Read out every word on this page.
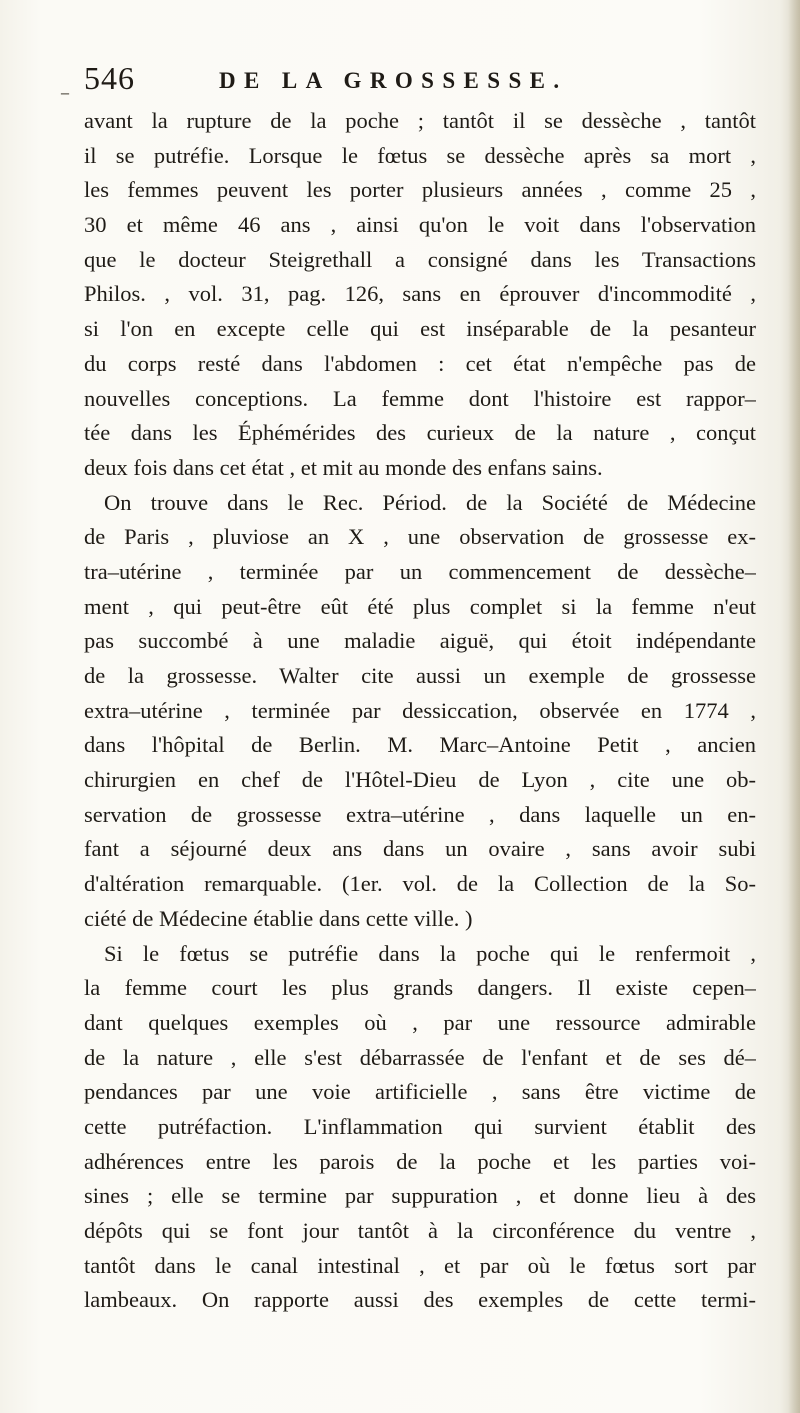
– 546	DE LA GROSSESSE.
avant la rupture de la poche ; tantôt il se dessèche , tantôt
il se putréfie. Lorsque le fœtus se dessèche après sa mort ,
les femmes peuvent les porter plusieurs années , comme 25 ,
30 et même 46 ans , ainsi qu'on le voit dans l'observation
que le docteur Steigrethall a consigné dans les Transactions
Philos. , vol. 31, pag. 126, sans en éprouver d'incommodité ,
si l'on en excepte celle qui est inséparable de la pesanteur
du corps resté dans l'abdomen : cet état n'empêche pas de
nouvelles conceptions. La femme dont l'histoire est rappor–
tée dans les Éphémérides des curieux de la nature , conçut
deux fois dans cet état , et mit au monde des enfans sains.
On trouve dans le Rec. Périod. de la Société de Médecine
de Paris , pluviose an X , une observation de grossesse ex-
tra–utérine , terminée par un commencement de dessèche–
ment , qui peut-être eût été plus complet si la femme n'eut
pas succombé à une maladie aiguë, qui étoit indépendante
de la grossesse. Walter cite aussi un exemple de grossesse
extra–utérine , terminée par dessiccation, observée en 1774 ,
dans l'hôpital de Berlin. M. Marc–Antoine Petit , ancien
chirurgien en chef de l'Hôtel-Dieu de Lyon , cite une ob-
servation de grossesse extra–utérine , dans laquelle un en-
fant a séjourné deux ans dans un ovaire , sans avoir subi
d'altération remarquable. (1er. vol. de la Collection de la So-
ciété de Médecine établie dans cette ville. )
Si le fœtus se putréfie dans la poche qui le renfermoit ,
la femme court les plus grands dangers. Il existe cepen–
dant quelques exemples où , par une ressource admirable
de la nature , elle s'est débarrassée de l'enfant et de ses dé–
pendances par une voie artificielle , sans être victime de
cette putréfaction. L'inflammation qui survient établit des
adhérences entre les parois de la poche et les parties voi-
sines ; elle se termine par suppuration , et donne lieu à des
dépôts qui se font jour tantôt à la circonférence du ventre ,
tantôt dans le canal intestinal , et par où le fœtus sort par
lambeaux. On rapporte aussi des exemples de cette termi-
